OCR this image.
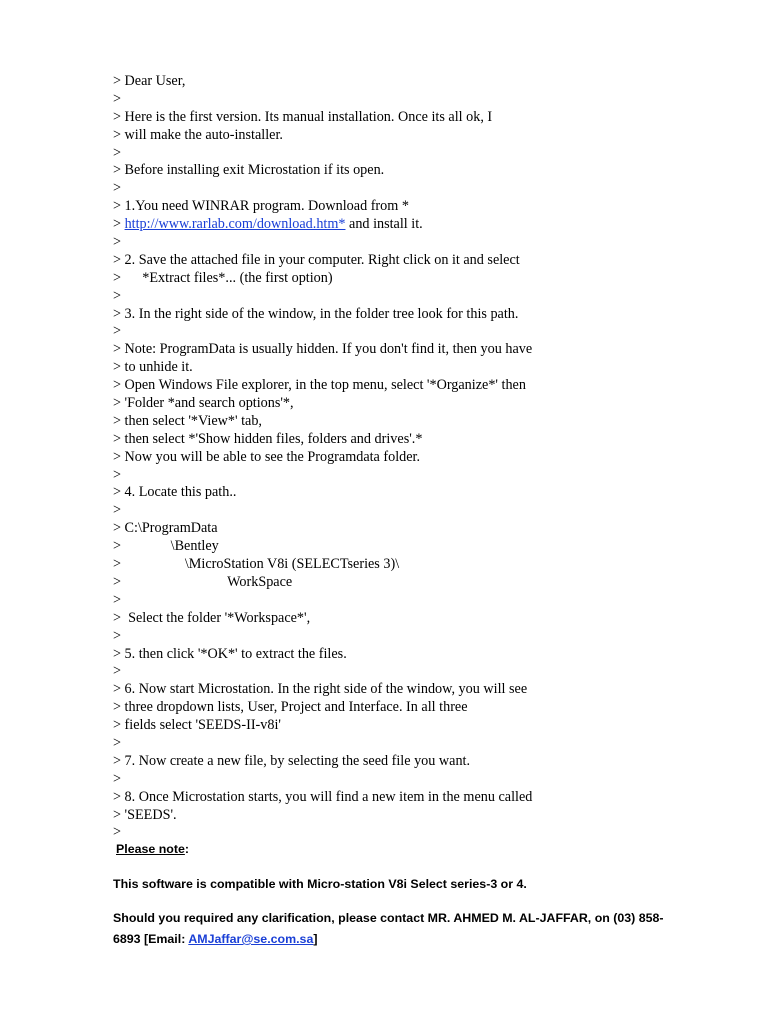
> Dear User,
>
> Here is the first version. Its manual installation. Once its all ok, I
> will make the auto-installer.
>
> Before installing exit Microstation if its open.
>
> 1.You need WINRAR program. Download from *
> http://www.rarlab.com/download.htm* and install it.
>
> 2. Save the attached file in your computer. Right click on it and select
>      *Extract files*... (the first option)
>
> 3. In the right side of the window, in the folder tree look for this path.
>
> Note: ProgramData is usually hidden. If you don't find it, then you have
> to unhide it.
> Open Windows File explorer, in the top menu, select '*Organize*' then
> 'Folder *and search options'*,
> then select '*View*' tab,
> then select *'Show hidden files, folders and drives'.*
> Now you will be able to see the Programdata folder.
>
> 4. Locate this path..
>
> C:\ProgramData
>              \Bentley
>                  \MicroStation V8i (SELECTseries 3)\
>                              WorkSpace
>
>  Select the folder '*Workspace*',
>
> 5. then click '*OK*' to extract the files.
>
> 6. Now start Microstation. In the right side of the window, you will see
> three dropdown lists, User, Project and Interface. In all three
> fields select 'SEEDS-II-v8i'
>
> 7. Now create a new file, by selecting the seed file you want.
>
> 8. Once Microstation starts, you will find a new item in the menu called
> 'SEEDS'.
>
Please note:
This software is compatible with Micro-station V8i Select series-3 or 4.
Should you required any clarification, please contact MR. AHMED M. AL-JAFFAR, on (03) 858-6893 [Email: AMJaffar@se.com.sa]
